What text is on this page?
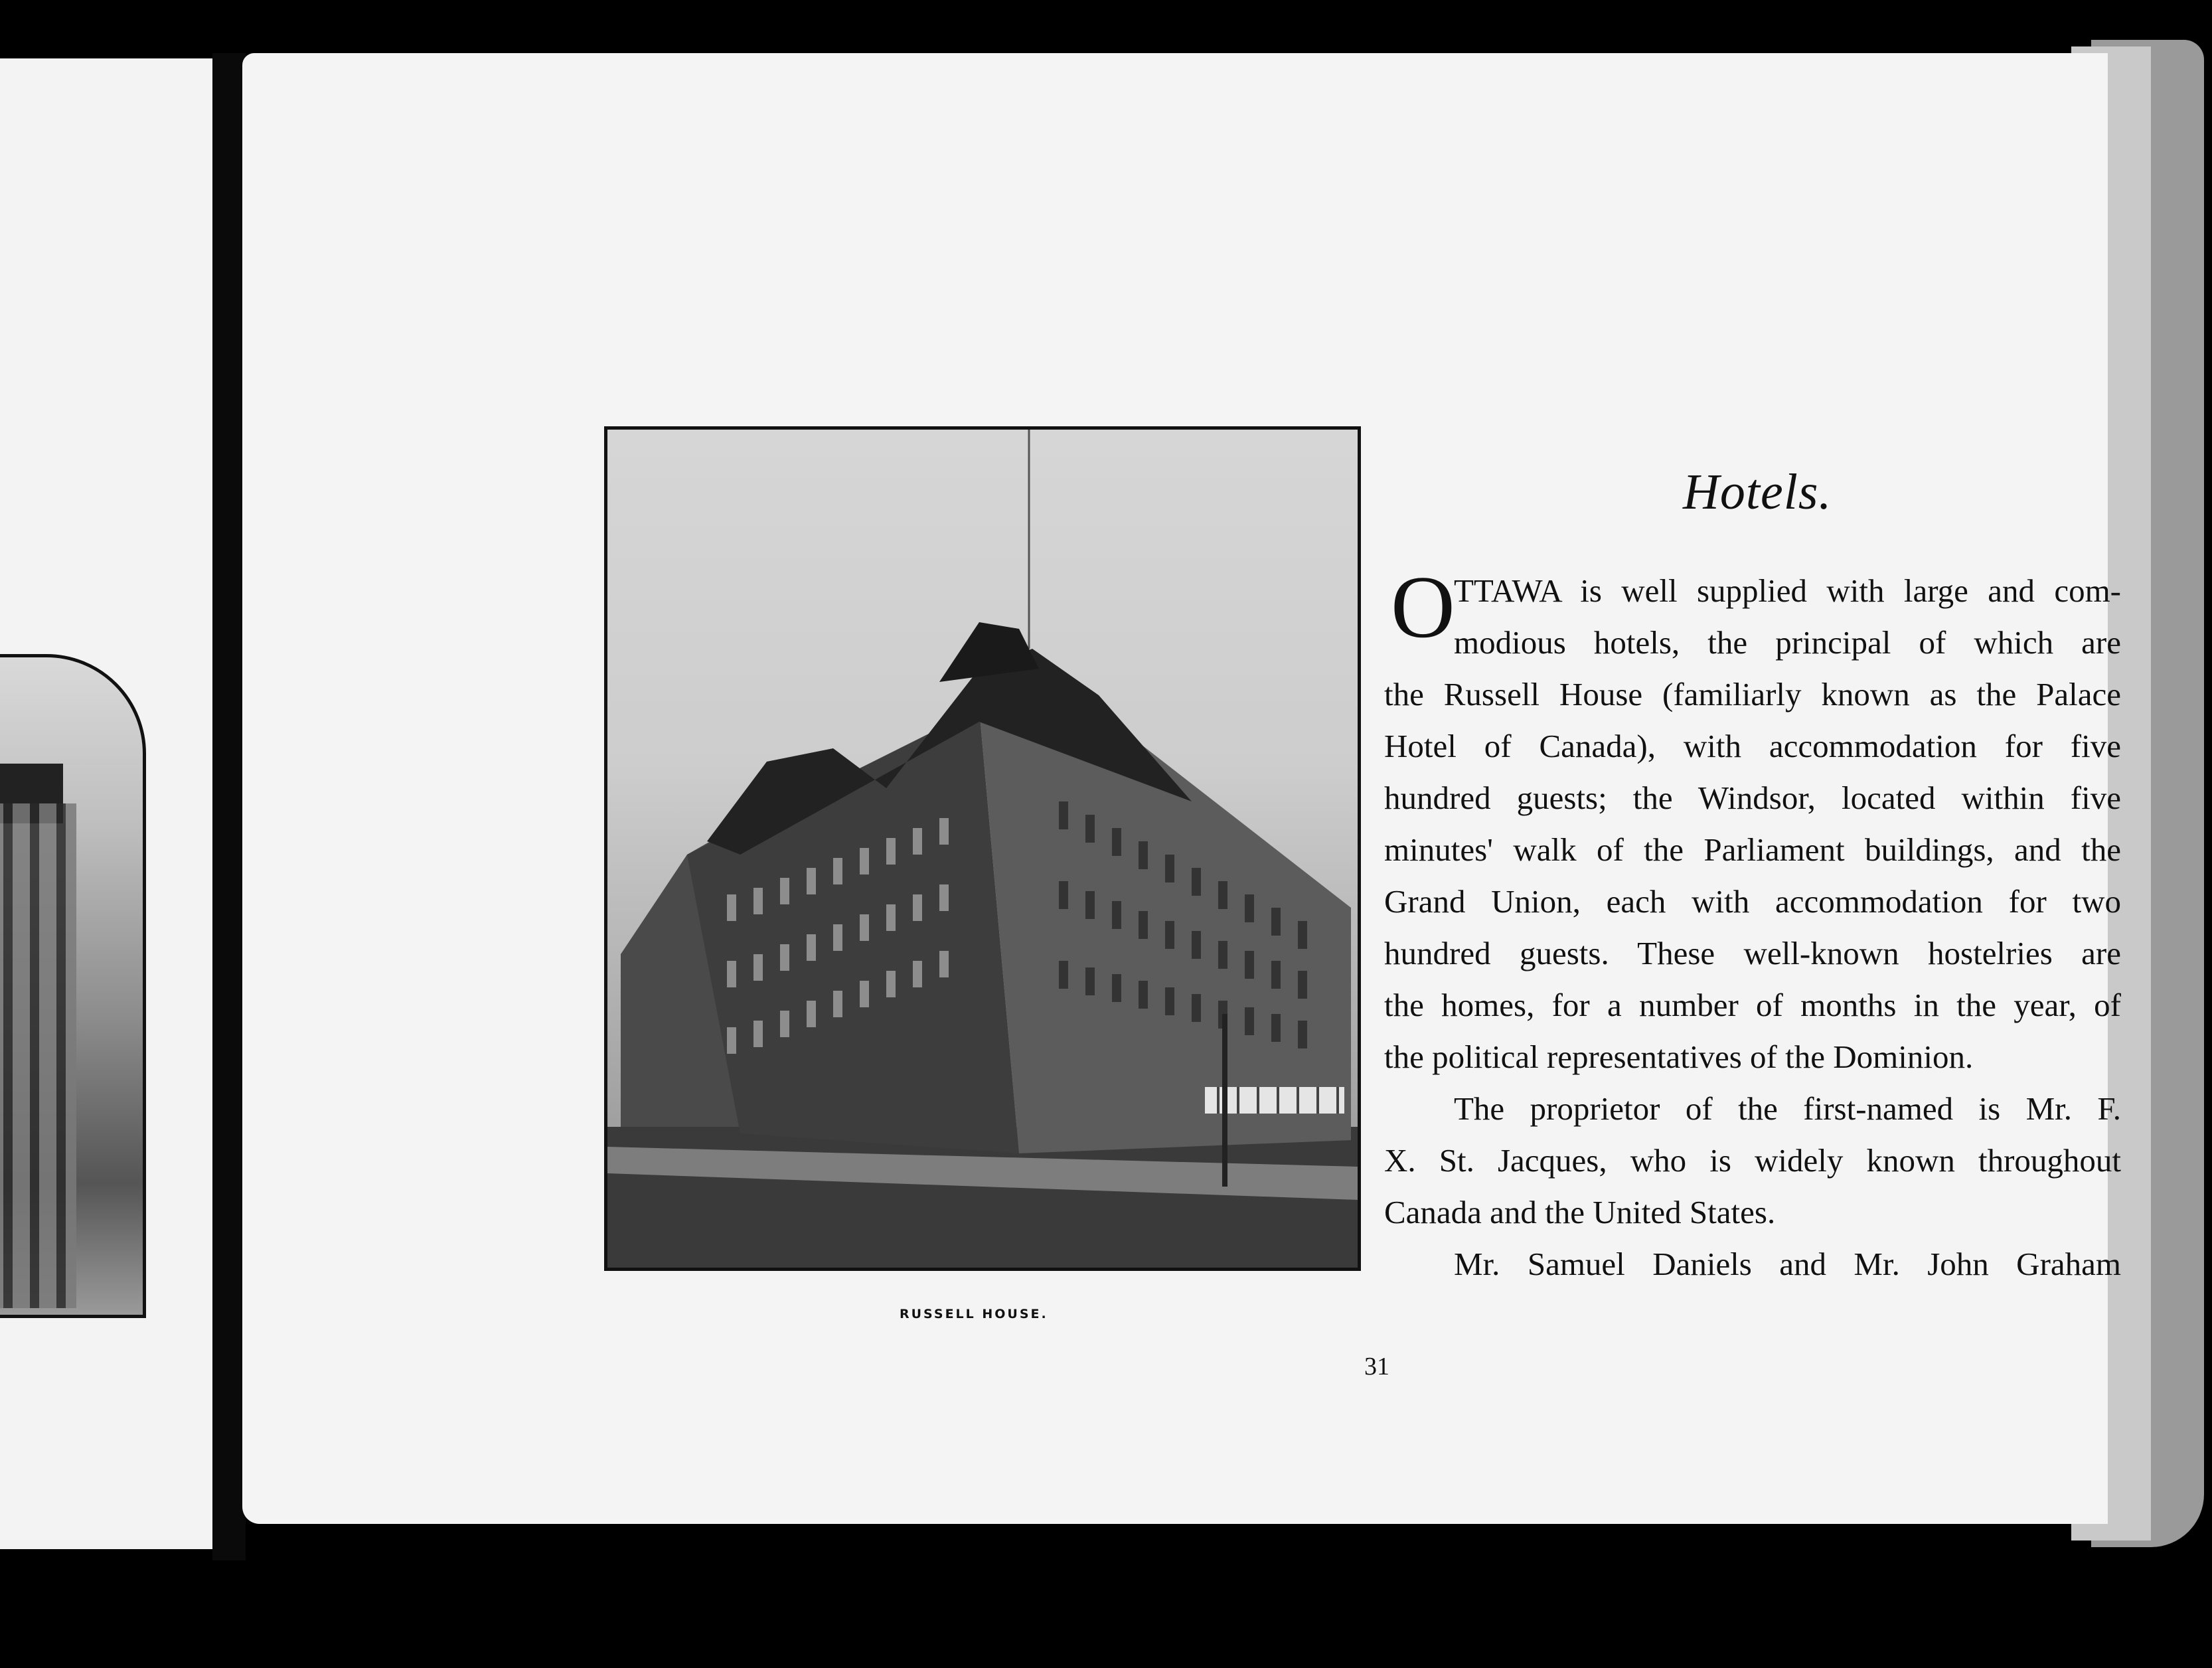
RUSSELL HOUSE.
Hotels.
O
TTAWA is well supplied with large and com-
modious hotels, the principal of which are
the Russell House (familiarly known as the Palace
Hotel of Canada), with accommodation for five
hundred guests; the Windsor, located within five
minutes' walk of the Parliament buildings, and the
Grand Union, each with accommodation for two
hundred guests. These well-known hostelries are
the homes, for a number of months in the year, of
the political representatives of the Dominion.
The proprietor of the first-named is Mr. F.
X. St. Jacques, who is widely known throughout
Canada and the United States.
Mr. Samuel Daniels and Mr. John Graham
31
